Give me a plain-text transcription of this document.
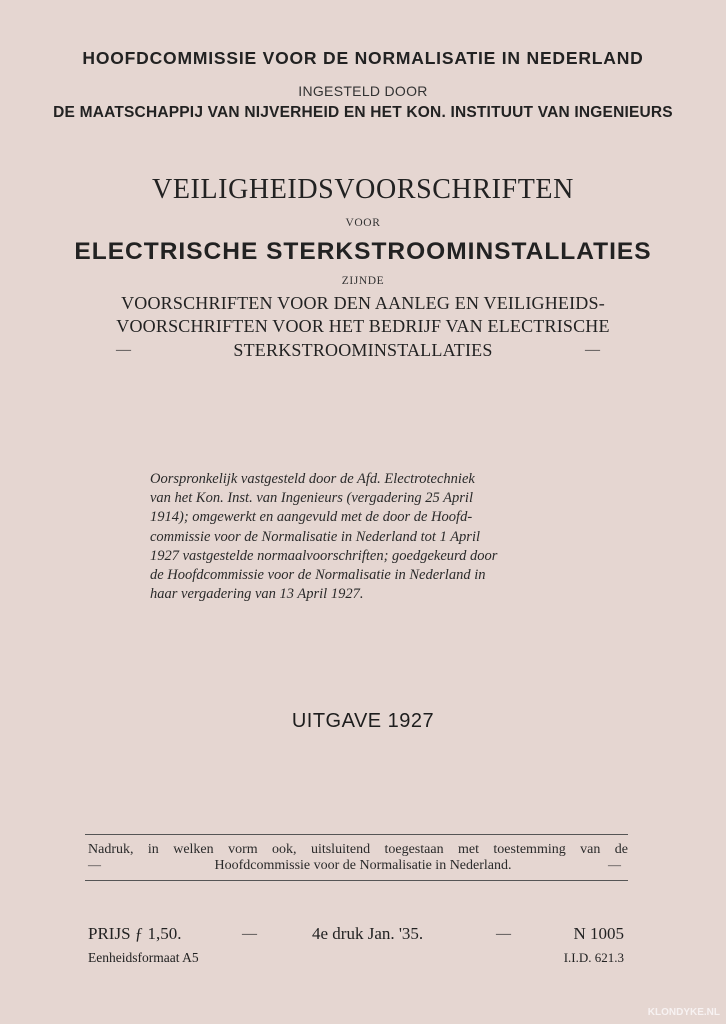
HOOFDCOMMISSIE VOOR DE NORMALISATIE IN NEDERLAND
INGESTELD DOOR
DE MAATSCHAPPIJ VAN NIJVERHEID EN HET KON. INSTITUUT VAN INGENIEURS
VEILIGHEIDSVOORSCHRIFTEN
VOOR
ELECTRISCHE STERKSTROOMINSTALLATIES
ZIJNDE
VOORSCHRIFTEN VOOR DEN AANLEG EN VEILIGHEIDS-
VOORSCHRIFTEN VOOR HET BEDRIJF VAN ELECTRISCHE
STERKSTROOMINSTALLATIES
—	—
Oorspronkelijk vastgesteld door de Afd. Electrotechniek
van het Kon. Inst. van Ingenieurs (vergadering 25 April
1914); omgewerkt en aangevuld met de door de Hoofd-
commissie voor de Normalisatie in Nederland tot 1 April
1927 vastgestelde normaalvoorschriften; goedgekeurd door
de Hoofdcommissie voor de Normalisatie in Nederland in
haar vergadering van 13 April 1927.
UITGAVE 1927
Nadruk, in welken vorm ook, uitsluitend toegestaan met toestemming van de
Hoofdcommissie voor de Normalisatie in Nederland.
—	—
PRIJS ƒ 1,50.	—	4e druk Jan. '35.	—	N 1005
Eenheidsformaat A5	I.I.D. 621.3
KLONDYKE.NL
